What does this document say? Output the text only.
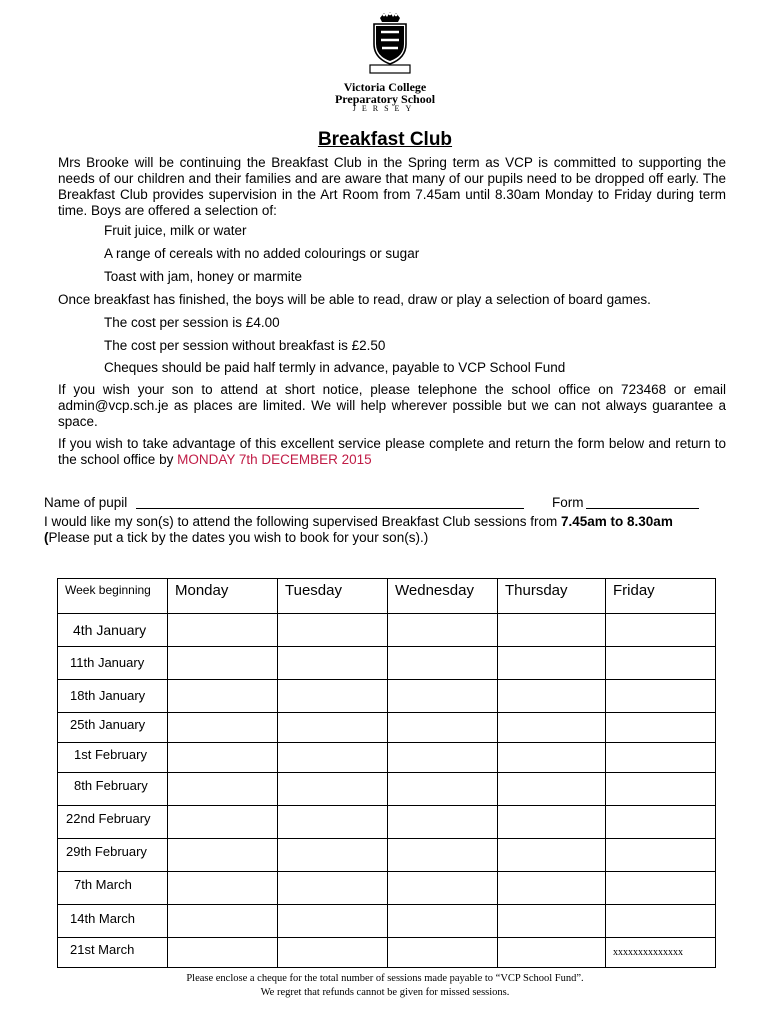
Victoria College
Preparatory School
JERSEY
Breakfast Club
Mrs Brooke will be continuing the Breakfast Club in the Spring term as VCP is committed to supporting the needs of our children and their families and are aware that many of our pupils need to be dropped off early. The Breakfast Club provides supervision in the Art Room from 7.45am until 8.30am Monday to Friday during term time. Boys are offered a selection of:
Fruit juice, milk or water
A range of cereals with no added colourings or sugar
Toast with jam, honey or marmite
Once breakfast has finished, the boys will be able to read, draw or play a selection of board games.
The cost per session is £4.00
The cost per session without breakfast is £2.50
Cheques should be paid half termly in advance, payable to VCP School Fund
If you wish your son to attend at short notice, please telephone the school office on 723468 or email admin@vcp.sch.je as places are limited. We will help wherever possible but we can not always guarantee a space.
If you wish to take advantage of this excellent service please complete and return the form below and return to the school office by MONDAY 7th DECEMBER 2015
Name of pupil	Form
I would like my son(s) to attend the following supervised Breakfast Club sessions from 7.45am to 8.30am
(Please put a tick by the dates you wish to book for your son(s).)
Week beginning	Monday	Tuesday	Wednesday	Thursday	Friday
4th January					
11th January					
18th January					
25th January					
1st February					
8th February					
22nd February					
29th February					
7th March					
14th March					
21st March					xxxxxxxxxxxxxx
Please enclose a cheque for the total number of sessions made payable to “VCP School Fund”.
We regret that refunds cannot be given for missed sessions.
